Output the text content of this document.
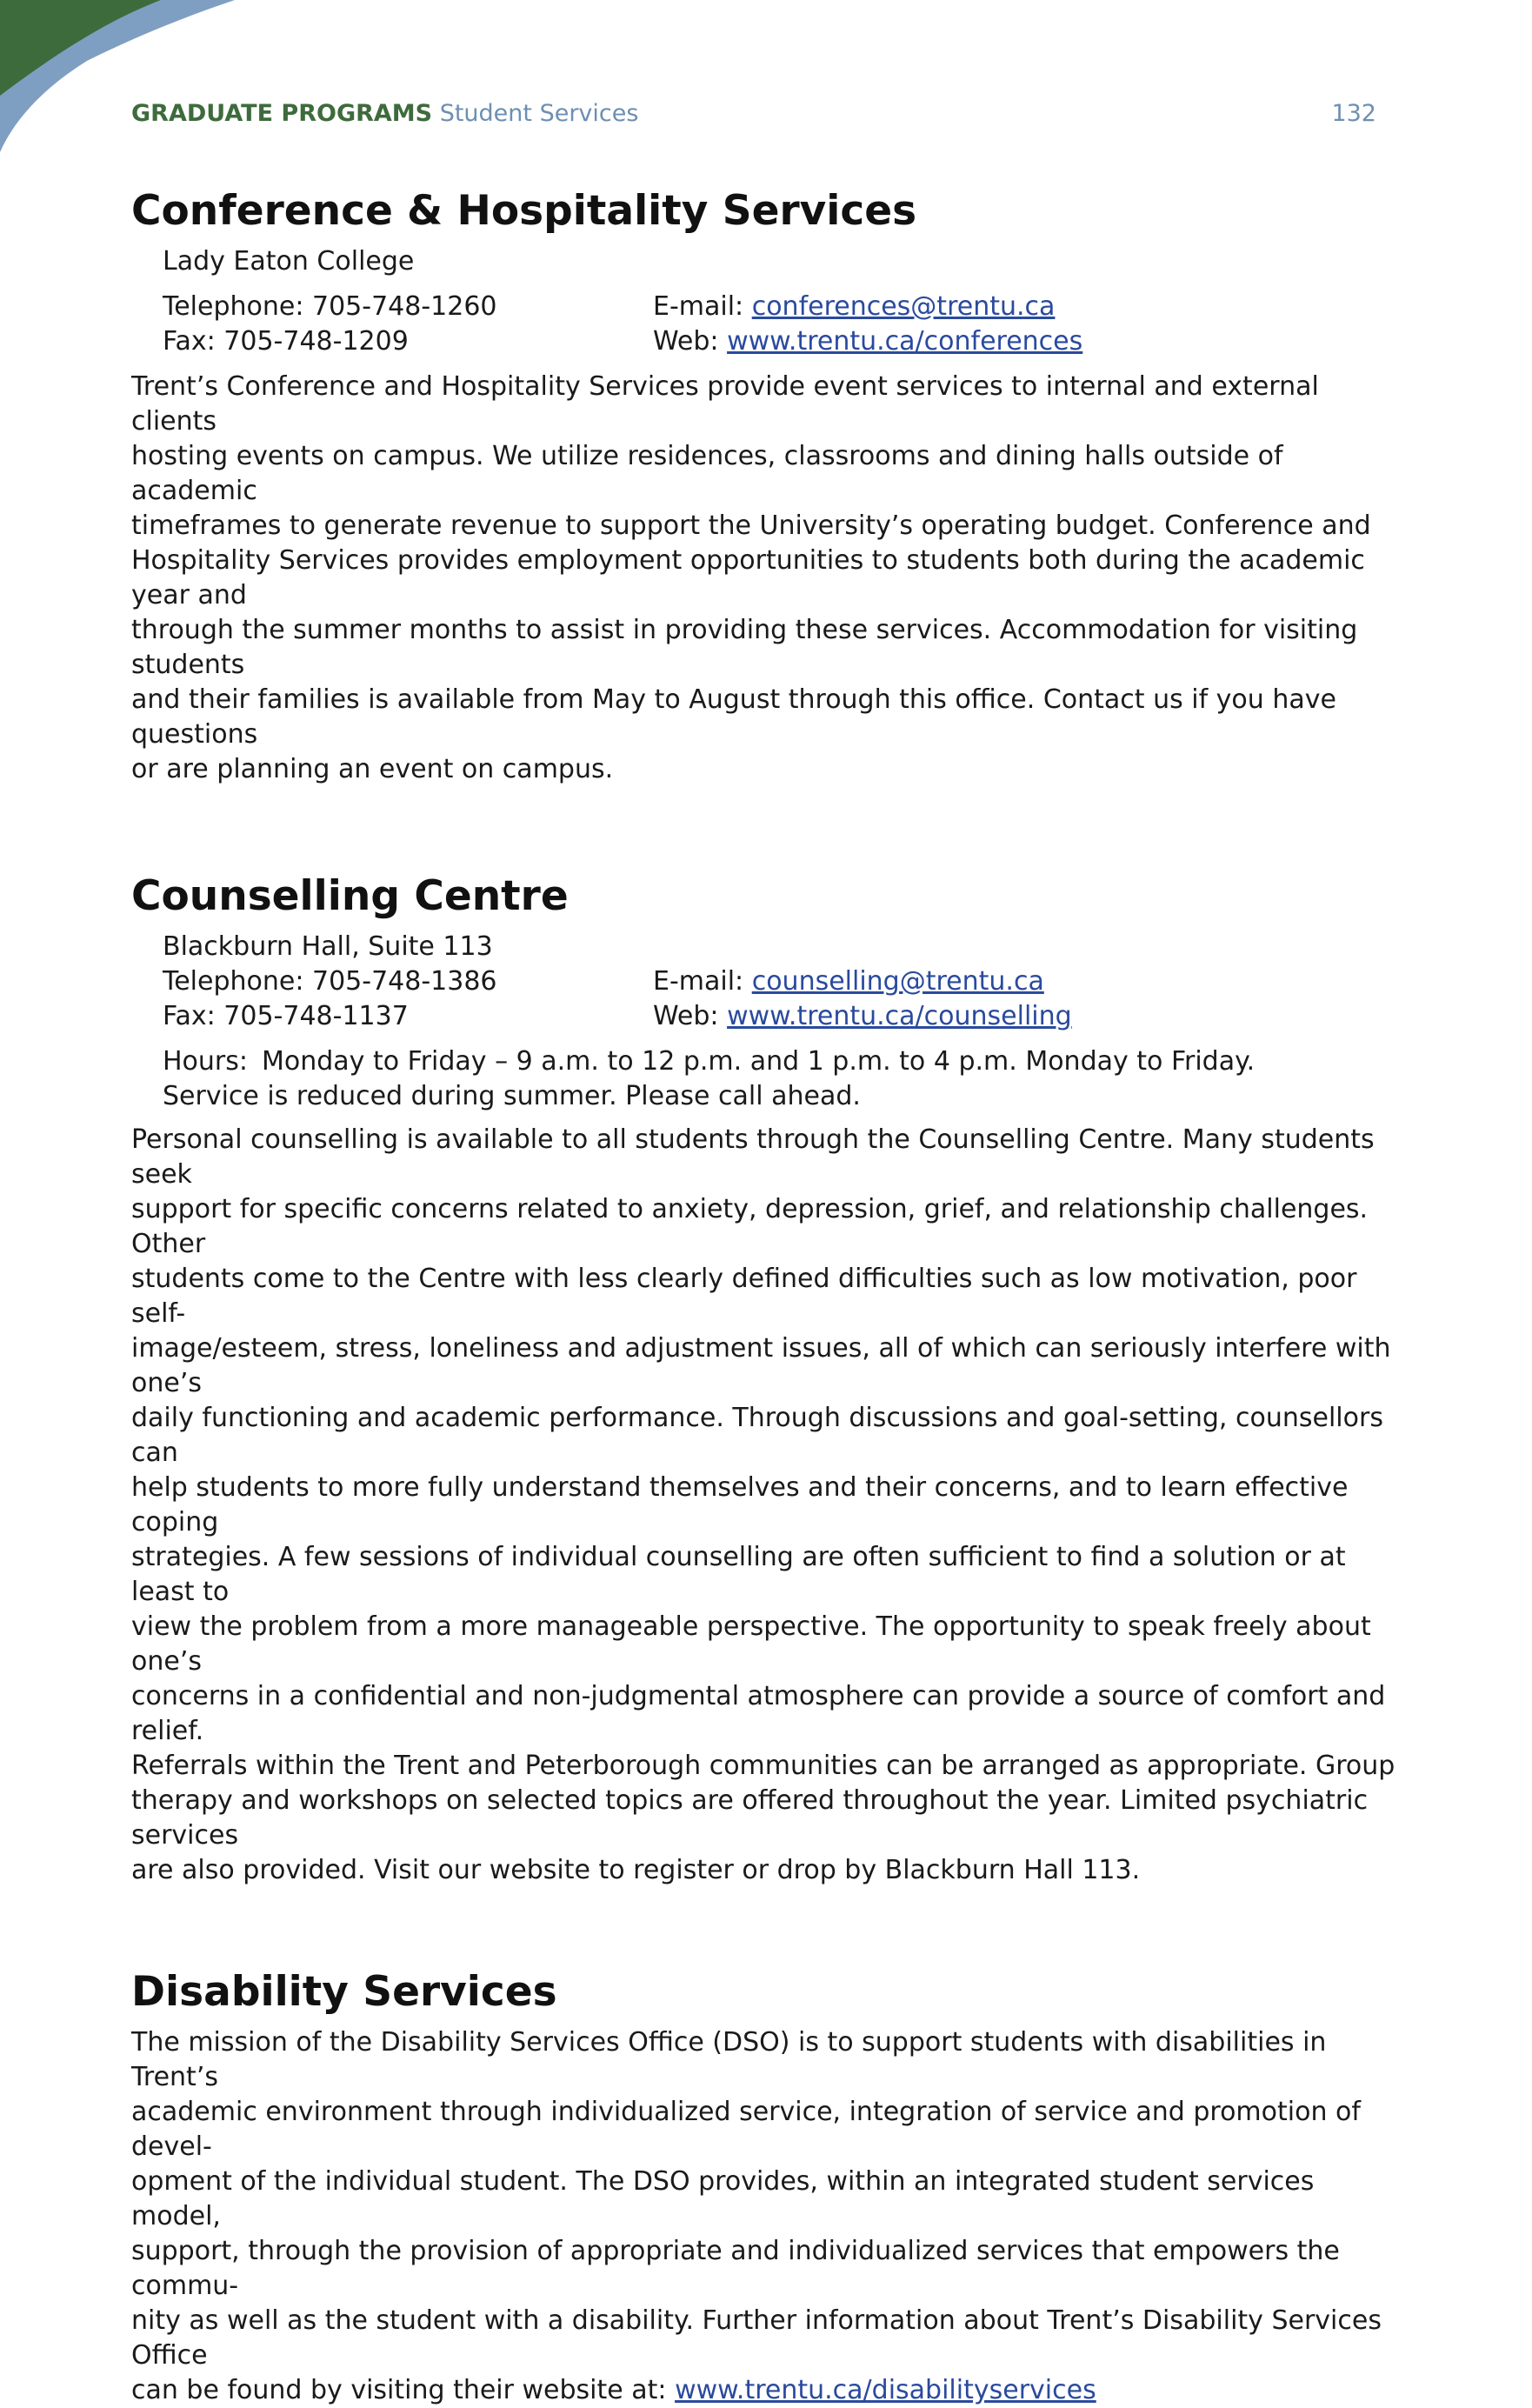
GRADUATE PROGRAMS Student Services	132
Conference & Hospitality Services
Lady Eaton College
Telephone: 705-748-1260	E-mail: conferences@trentu.ca
Fax: 705-748-1209	Web: www.trentu.ca/conferences

Trent’s Conference and Hospitality Services provide event services to internal and external clients
hosting events on campus. We utilize residences, classrooms and dining halls outside of academic
timeframes to generate revenue to support the University’s operating budget. Conference and
Hospitality Services provides employment opportunities to students both during the academic year and
through the summer months to assist in providing these services. Accommodation for visiting students
and their families is available from May to August through this office. Contact us if you have questions
or are planning an event on campus.

Counselling Centre
Blackburn Hall, Suite 113
Telephone: 705-748-1386	E-mail: counselling@trentu.ca
Fax: 705-748-1137	Web: www.trentu.ca/counselling
Hours: Monday to Friday – 9 a.m. to 12 p.m. and 1 p.m. to 4 p.m. Monday to Friday.
Service is reduced during summer. Please call ahead.

Personal counselling is available to all students through the Counselling Centre. Many students seek
support for specific concerns related to anxiety, depression, grief, and relationship challenges. Other
students come to the Centre with less clearly defined difficulties such as low motivation, poor self-
image/esteem, stress, loneliness and adjustment issues, all of which can seriously interfere with one’s
daily functioning and academic performance. Through discussions and goal-setting, counsellors can
help students to more fully understand themselves and their concerns, and to learn effective coping
strategies. A few sessions of individual counselling are often sufficient to find a solution or at least to
view the problem from a more manageable perspective. The opportunity to speak freely about one’s
concerns in a confidential and non-judgmental atmosphere can provide a source of comfort and relief.
Referrals within the Trent and Peterborough communities can be arranged as appropriate. Group
therapy and workshops on selected topics are offered throughout the year. Limited psychiatric services
are also provided. Visit our website to register or drop by Blackburn Hall 113.

Disability Services

The mission of the Disability Services Office (DSO) is to support students with disabilities in Trent’s
academic environment through individualized service, integration of service and promotion of devel-
opment of the individual student. The DSO provides, within an integrated student services model,
support, through the provision of appropriate and individualized services that empowers the commu-
nity as well as the student with a disability. Further information about Trent’s Disability Services Office
can be found by visiting their website at: www.trentu.ca/disabilityservices
